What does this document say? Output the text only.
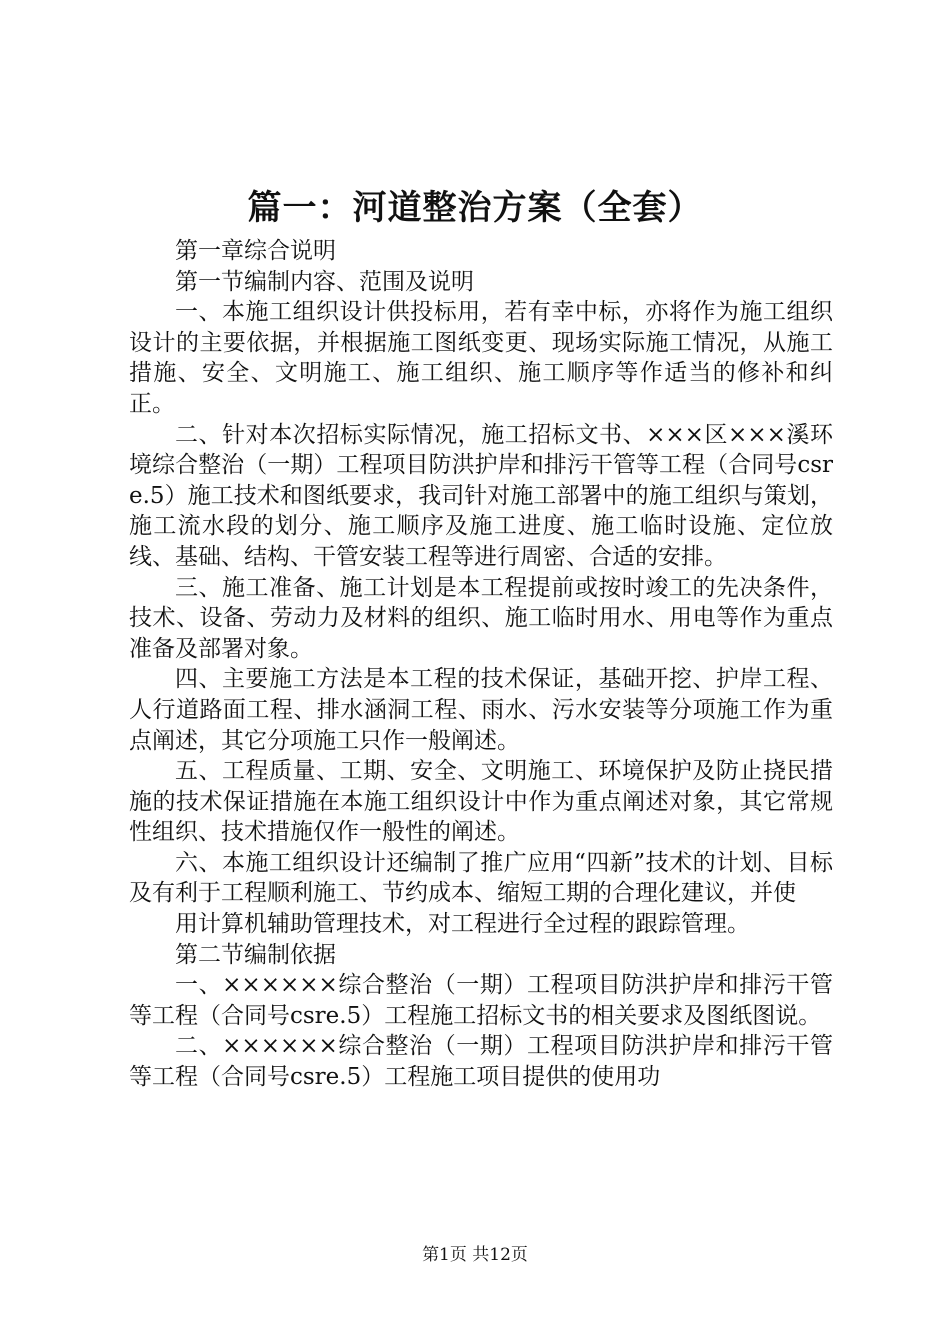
篇一：河道整治方案（全套）

第一章综合说明

第一节编制内容、范围及说明

一、本施工组织设计供投标用，若有幸中标，亦将作为施工组织设计的主要依据，并根据施工图纸变更、现场实际施工情况，从施工措施、安全、文明施工、施工组织、施工顺序等作适当的修补和纠正。

二、针对本次招标实际情况，施工招标文书、×××区×××溪环境综合整治（一期）工程项目防洪护岸和排污干管等工程（合同号csre.5）施工技术和图纸要求，我司针对施工部署中的施工组织与策划，施工流水段的划分、施工顺序及施工进度、施工临时设施、定位放线、基础、结构、干管安装工程等进行周密、合适的安排。

三、施工准备、施工计划是本工程提前或按时竣工的先决条件，技术、设备、劳动力及材料的组织、施工临时用水、用电等作为重点准备及部署对象。

四、主要施工方法是本工程的技术保证，基础开挖、护岸工程、人行道路面工程、排水涵洞工程、雨水、污水安装等分项施工作为重点阐述，其它分项施工只作一般阐述。

五、工程质量、工期、安全、文明施工、环境保护及防止挠民措施的技术保证措施在本施工组织设计中作为重点阐述对象，其它常规性组织、技术措施仅作一般性的阐述。

六、本施工组织设计还编制了推广应用“四新”技术的计划、目标及有利于工程顺利施工、节约成本、缩短工期的合理化建议，并使

用计算机辅助管理技术，对工程进行全过程的跟踪管理。

第二节编制依据

一、××××××综合整治（一期）工程项目防洪护岸和排污干管等工程（合同号csre.5）工程施工招标文书的相关要求及图纸图说。

二、××××××综合整治（一期）工程项目防洪护岸和排污干管等工程（合同号csre.5）工程施工项目提供的使用功

第1页 共12页
